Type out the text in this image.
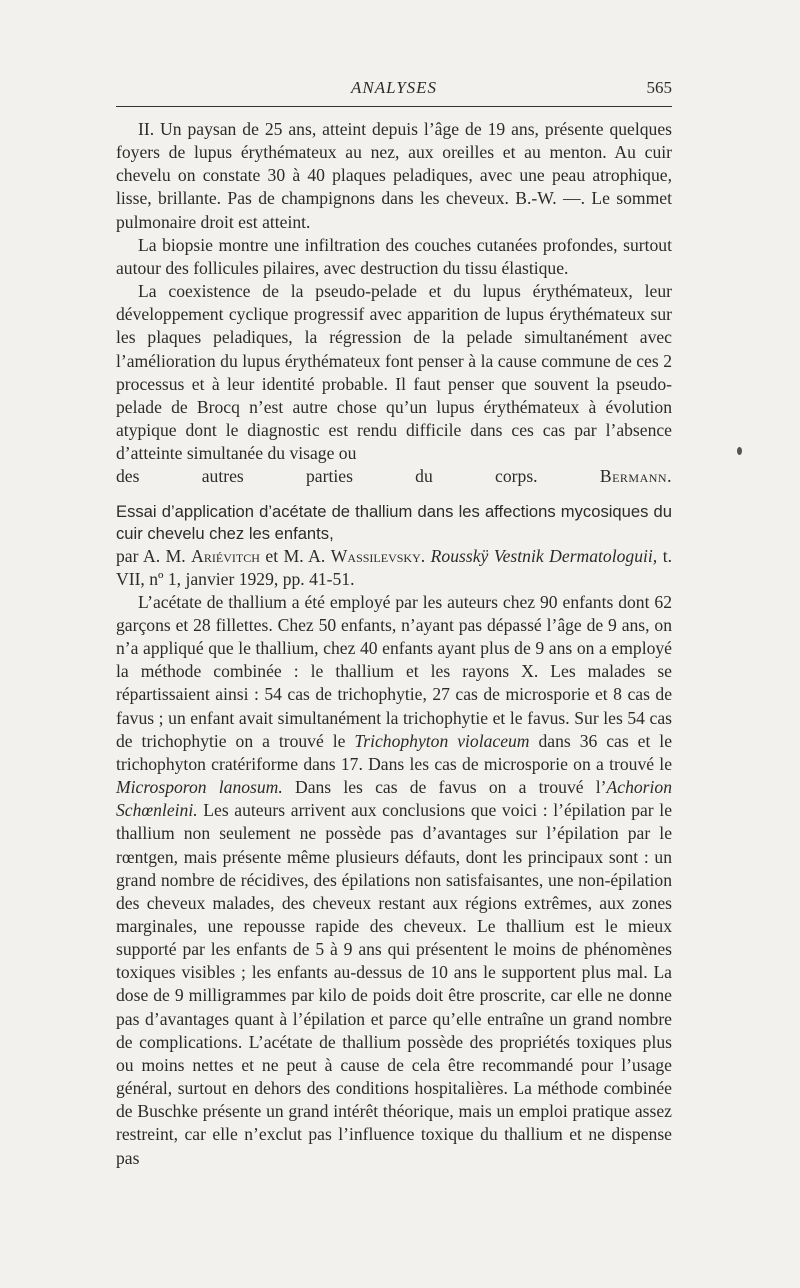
ANALYSES	565

II. Un paysan de 25 ans, atteint depuis l’âge de 19 ans, présente quelques foyers de lupus érythémateux au nez, aux oreilles et au menton. Au cuir chevelu on constate 30 à 40 plaques peladiques, avec une peau atrophique, lisse, brillante. Pas de champignons dans les cheveux. B.-W. —. Le sommet pulmonaire droit est atteint.

La biopsie montre une infiltration des couches cutanées profondes, surtout autour des follicules pilaires, avec destruction du tissu élastique.

La coexistence de la pseudo-pelade et du lupus érythémateux, leur développement cyclique progressif avec apparition de lupus érythémateux sur les plaques peladiques, la régression de la pelade simultanément avec l’amélioration du lupus érythémateux font penser à la cause commune de ces 2 processus et à leur identité probable. Il faut penser que souvent la pseudo-pelade de Brocq n’est autre chose qu’un lupus érythémateux à évolution atypique dont le diagnostic est rendu difficile dans ces cas par l’absence d’atteinte simultanée du visage ou

des autres parties du corps.	Bermann.

Essai d’application d’acétate de thallium dans les affections mycosiques du cuir chevelu chez les enfants,

par A. M. Ariévitch et M. A. Wassilevsky. Rousskÿ Vestnik Dermatologuii, t. VII, nº 1, janvier 1929, pp. 41-51.

L’acétate de thallium a été employé par les auteurs chez 90 enfants dont 62 garçons et 28 fillettes. Chez 50 enfants, n’ayant pas dépassé l’âge de 9 ans, on n’a appliqué que le thallium, chez 40 enfants ayant plus de 9 ans on a employé la méthode combinée : le thallium et les rayons X. Les malades se répartissaient ainsi : 54 cas de trichophytie, 27 cas de microsporie et 8 cas de favus ; un enfant avait simultanément la trichophytie et le favus. Sur les 54 cas de trichophytie on a trouvé le Trichophyton violaceum dans 36 cas et le trichophyton cratériforme dans 17. Dans les cas de microsporie on a trouvé le Microsporon lanosum. Dans les cas de favus on a trouvé l’Achorion Schœnleini. Les auteurs arrivent aux conclusions que voici : l’épilation par le thallium non seulement ne possède pas d’avantages sur l’épilation par le rœntgen, mais présente même plusieurs défauts, dont les principaux sont : un grand nombre de récidives, des épilations non satisfaisantes, une non-épilation des cheveux malades, des cheveux restant aux régions extrêmes, aux zones marginales, une repousse rapide des cheveux. Le thallium est le mieux supporté par les enfants de 5 à 9 ans qui présentent le moins de phénomènes toxiques visibles ; les enfants au-dessus de 10 ans le supportent plus mal. La dose de 9 milligrammes par kilo de poids doit être proscrite, car elle ne donne pas d’avantages quant à l’épilation et parce qu’elle entraîne un grand nombre de complications. L’acétate de thallium possède des propriétés toxiques plus ou moins nettes et ne peut à cause de cela être recommandé pour l’usage général, surtout en dehors des conditions hospitalières. La méthode combinée de Buschke présente un grand intérêt théorique, mais un emploi pratique assez restreint, car elle n’exclut pas l’influence toxique du thallium et ne dispense pas
